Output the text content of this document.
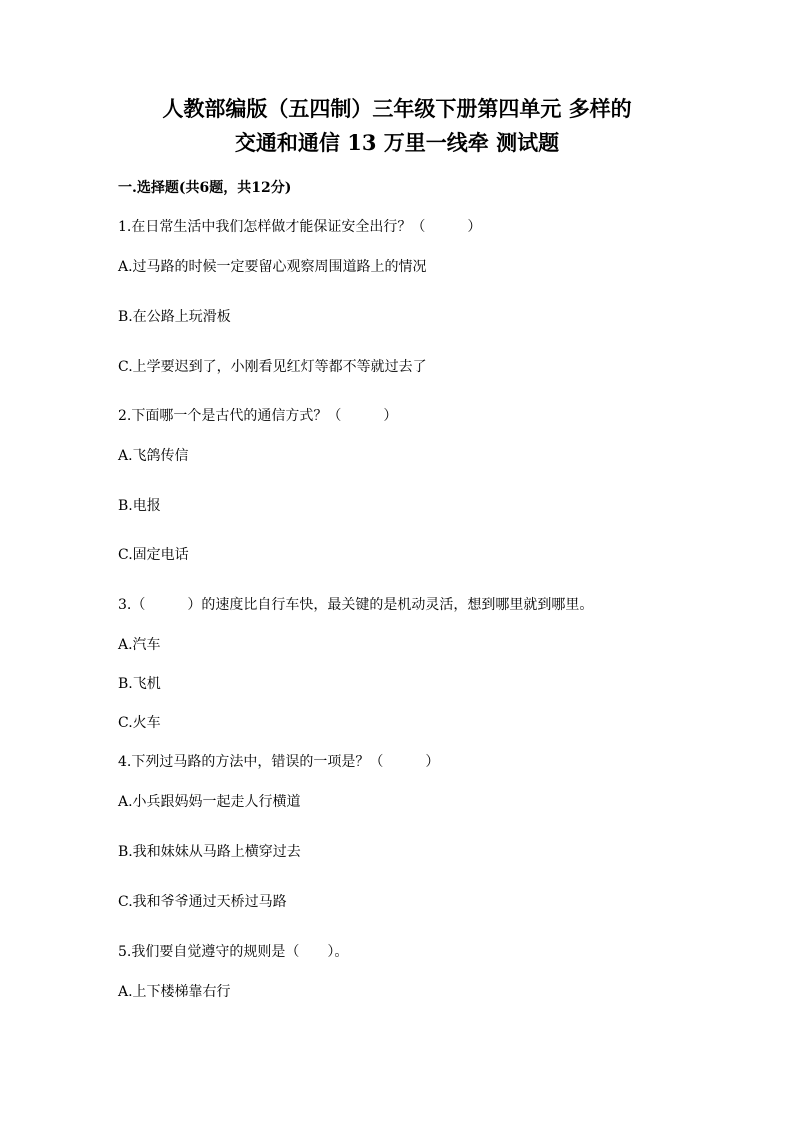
人教部编版（五四制）三年级下册第四单元 多样的
交通和通信 13 万里一线牵 测试题
一.选择题(共6题，共12分)
1.在日常生活中我们怎样做才能保证安全出行？（　　　）
A.过马路的时候一定要留心观察周围道路上的情况
B.在公路上玩滑板
C.上学要迟到了，小刚看见红灯等都不等就过去了
2.下面哪一个是古代的通信方式？（　　　）
A.飞鸽传信
B.电报
C.固定电话
3.（　　　）的速度比自行车快，最关键的是机动灵活，想到哪里就到哪里。
A.汽车
B.飞机
C.火车
4.下列过马路的方法中，错误的一项是？（　　　）
A.小兵跟妈妈一起走人行横道
B.我和妹妹从马路上横穿过去
C.我和爷爷通过天桥过马路
5.我们要自觉遵守的规则是（　　）。
A.上下楼梯靠右行
